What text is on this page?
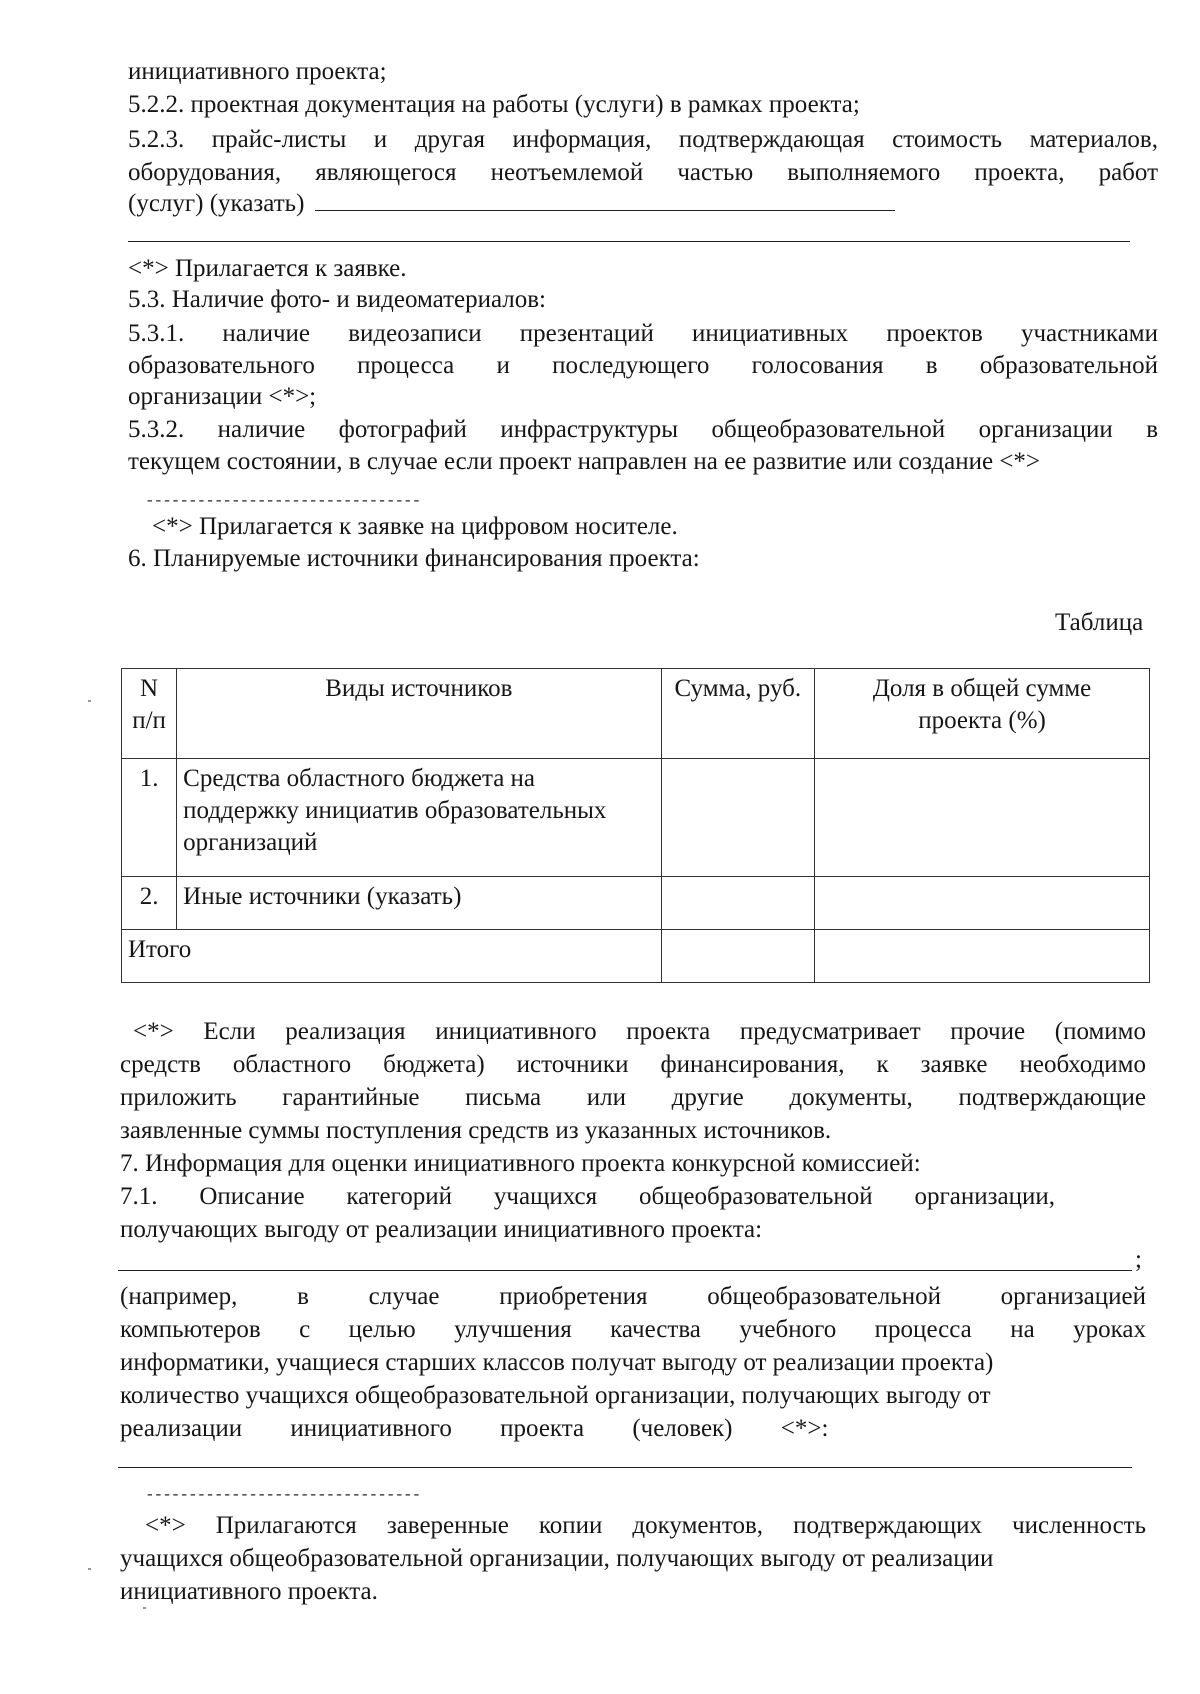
инициативного проекта;
5.2.2. проектная документация на работы (услуги) в рамках проекта;
5.2.3. прайс-листы и другая информация, подтверждающая стоимость материалов,
оборудования, являющегося неотъемлемой частью выполняемого проекта, работ
(услуг) (указать)
<*> Прилагается к заявке.
5.3. Наличие фото- и видеоматериалов:
5.3.1. наличие видеозаписи презентаций инициативных проектов участниками
образовательного процесса и последующего голосования в образовательной
организации <*>;
5.3.2. наличие фотографий инфраструктуры общеобразовательной организации в
текущем состоянии, в случае если проект направлен на ее развитие или создание <*>
--------------------------------
<*> Прилагается к заявке на цифровом носителе.
6. Планируемые источники финансирования проекта:
Таблица
N п/п	Виды источников	Сумма, руб.	Доля в общей сумме проекта (%)
1.	Средства областного бюджета на поддержку инициатив образовательных организаций		
2.	Иные источники (указать)		
Итого			
<*> Если реализация инициативного проекта предусматривает прочие (помимо
средств областного бюджета) источники финансирования, к заявке необходимо
приложить гарантийные письма или другие документы, подтверждающие
заявленные суммы поступления средств из указанных источников.
7. Информация для оценки инициативного проекта конкурсной комиссией:
7.1. Описание категорий учащихся общеобразовательной организации,
получающих выгоду от реализации инициативного проекта:
;
(например, в случае приобретения общеобразовательной организацией
компьютеров с целью улучшения качества учебного процесса на уроках
информатики, учащиеся старших классов получат выгоду от реализации проекта)
количество учащихся общеобразовательной организации, получающих выгоду от
реализации инициативного проекта (человек) <*>:
--------------------------------
<*> Прилагаются заверенные копии документов, подтверждающих численность
учащихся общеобразовательной организации, получающих выгоду от реализации
инициативного проекта.
